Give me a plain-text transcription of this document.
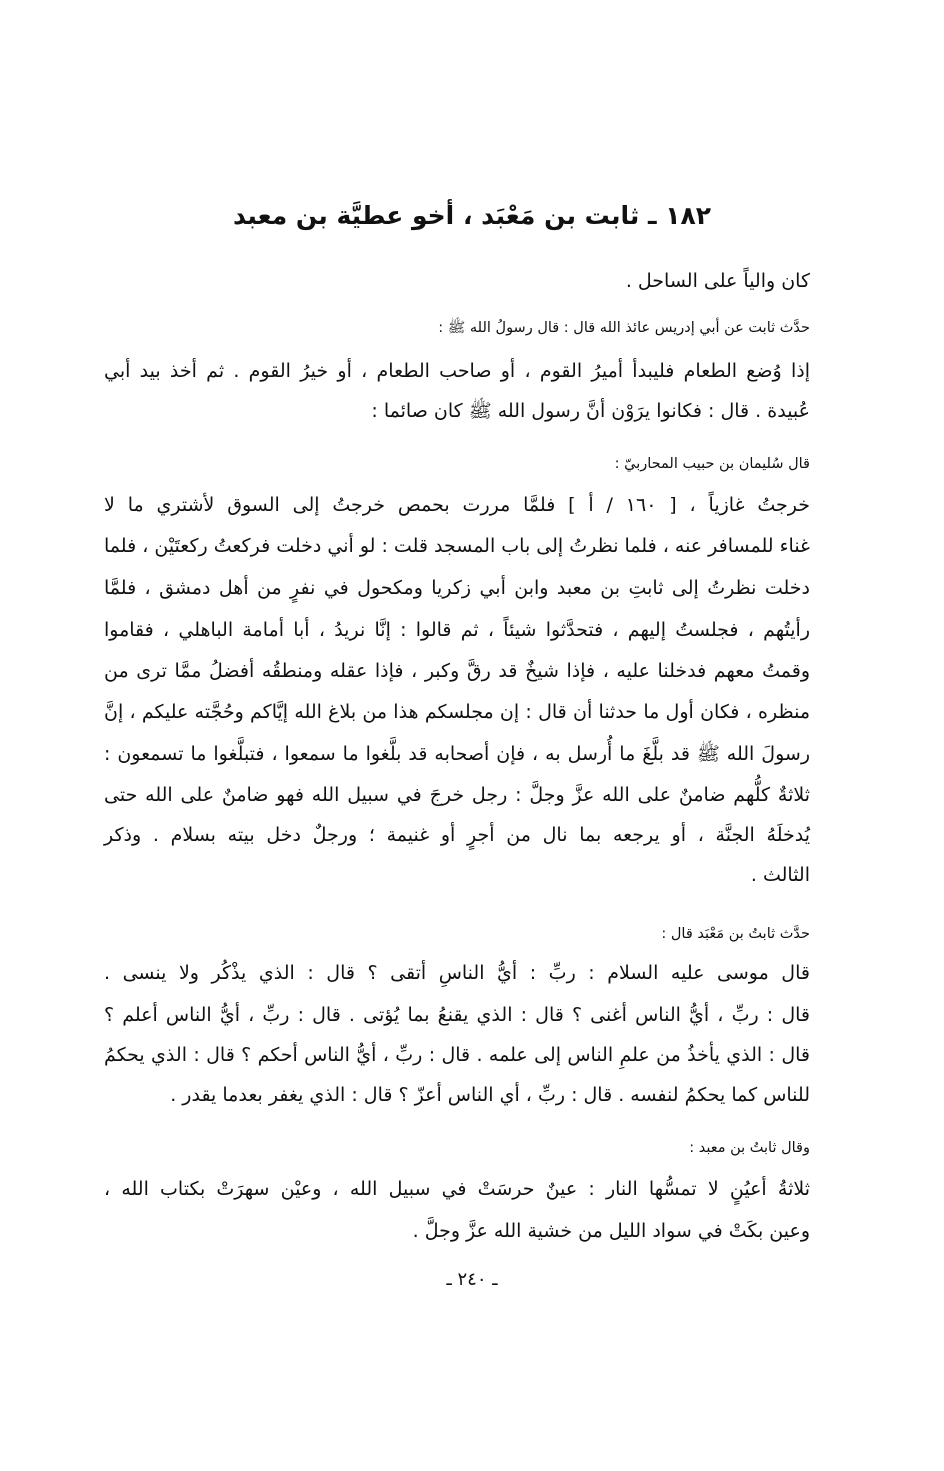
١٨٢ ـ ثابت بن مَعْبَد ، أخو عطيَّة بن معبد
كان والياً على الساحل .
حدَّث ثابت عن أبي إدريس عائذ الله قال : قال رسولُ الله ﷺ :
إذا وُضع الطعام فليبدأ أميرُ القوم ، أو صاحب الطعام ، أو خيرُ القوم . ثم أخذ بيد أبي
عُبيدة . قال : فكانوا يرَوْن أنَّ رسول الله ﷺ كان صائما :
قال سُليمان بن حبيب المحاربيّ :
خرجتُ غازياً ، [ ١٦٠ / أ ] فلمَّا مررت بحمص خرجتُ إلى السوق لأشتري ما لا
غناء للمسافر عنه ، فلما نظرتُ إلى باب المسجد قلت : لو أني دخلت فركعتُ ركعتَيْن ، فلما
دخلت نظرتُ إلى ثابتِ بن معبد وابن أبي زكريا ومكحول في نفرٍ من أهل دمشق ، فلمَّا
رأيتُهم ، فجلستُ إليهم ، فتحدَّثوا شيئاً ، ثم قالوا : إنَّا نريدُ ، أبا أمامة الباهلي ، فقاموا
وقمتُ معهم فدخلنا عليه ، فإذا شيخٌ قد رقَّ وكبر ، فإذا عقله ومنطقُه أفضلُ ممَّا ترى من
منظره ، فكان أول ما حدثنا أن قال : إن مجلسكم هذا من بلاغ الله إيَّاكم وحُجَّته عليكم ، إنَّ
رسولَ الله ﷺ قد بلَّغَ ما أُرسل به ، فإن أصحابه قد بلَّغوا ما سمعوا ، فتبلَّغوا ما تسمعون :
ثلاثةٌ كلُّهم ضامنٌ على الله عزَّ وجلَّ : رجل خرجَ في سبيل الله فهو ضامنٌ على الله حتى
يُدخلَهُ الجنَّة ، أو يرجعه بما نال من أجرٍ أو غنيمة ؛ ورجلٌ دخل بيته بسلام . وذكر
الثالث .
حدَّث ثابتُ بن مَعْبَد قال :
قال موسى عليه السلام : ربِّ : أيُّ الناسِ أتقى ؟ قال : الذي يذْكُر ولا ينسى .
قال : ربِّ ، أيُّ الناس أغنى ؟ قال : الذي يقنعُ بما يُؤتى . قال : ربِّ ، أيُّ الناس أعلم ؟
قال : الذي يأخذُ من علمِ الناس إلى علمه . قال : ربِّ ، أيُّ الناس أحكم ؟ قال : الذي يحكمُ
للناس كما يحكمُ لنفسه . قال : ربِّ ، أي الناس أعزّ ؟ قال : الذي يغفر بعدما يقدر .
وقال ثابتُ بن معبد :
ثلاثةُ أعيُنٍ لا تمسُّها النار : عينٌ حرسَتْ في سبيل الله ، وعيْن سهرَتْ بكتاب الله ،
وعين بكَتْ في سواد الليل من خشية الله عزَّ وجلَّ .
ـ ٢٤٠ ـ
